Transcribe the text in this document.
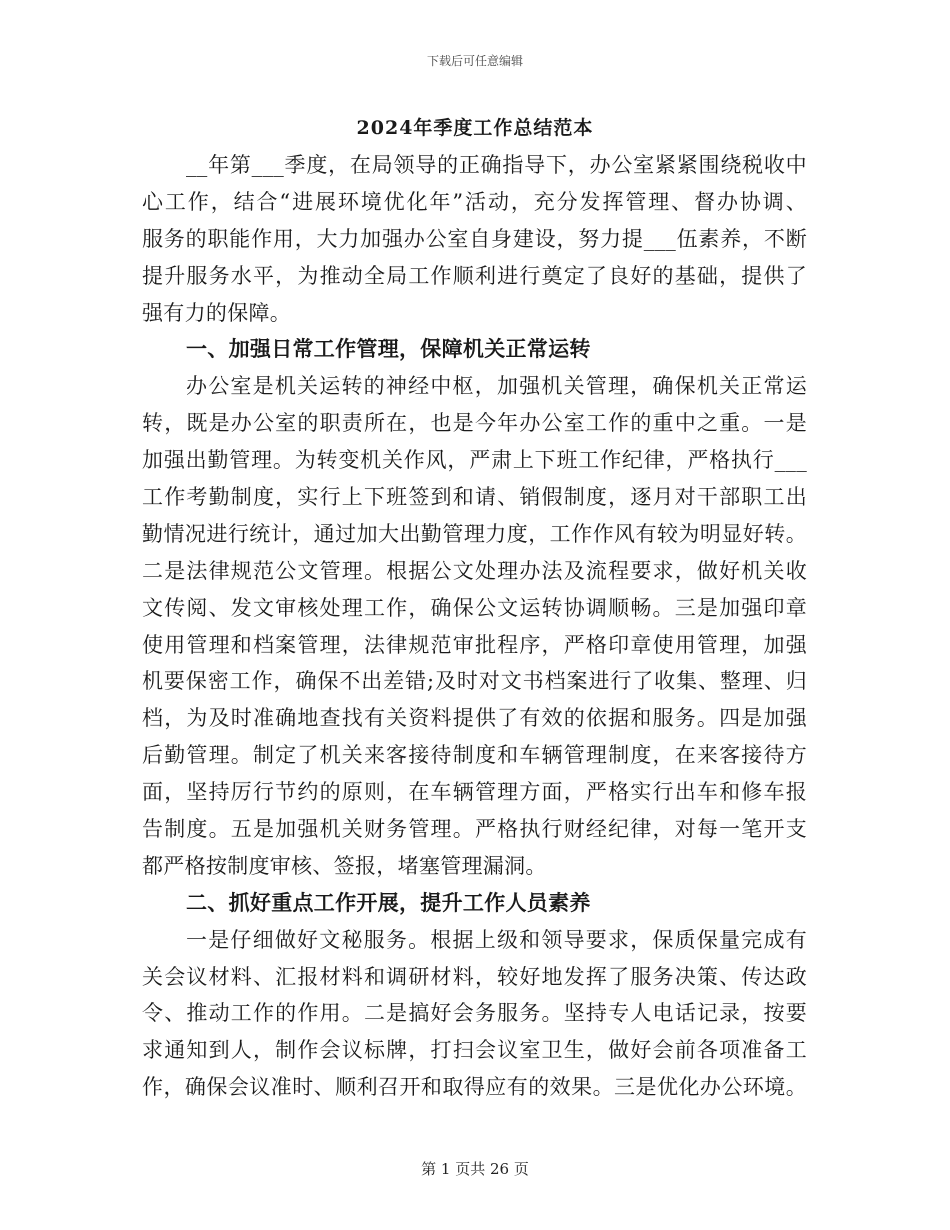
下载后可任意编辑
2024年季度工作总结范本
__年第___季度，在局领导的正确指导下，办公室紧紧围绕税收中
心工作，结合“进展环境优化年”活动，充分发挥管理、督办协调、
服务的职能作用，大力加强办公室自身建设，努力提___伍素养，不断
提升服务水平，为推动全局工作顺利进行奠定了良好的基础，提供了
强有力的保障。
一、加强日常工作管理，保障机关正常运转
办公室是机关运转的神经中枢，加强机关管理，确保机关正常运
转，既是办公室的职责所在，也是今年办公室工作的重中之重。一是
加强出勤管理。为转变机关作风，严肃上下班工作纪律，严格执行___
工作考勤制度，实行上下班签到和请、销假制度，逐月对干部职工出
勤情况进行统计，通过加大出勤管理力度，工作作风有较为明显好转。
二是法律规范公文管理。根据公文处理办法及流程要求，做好机关收
文传阅、发文审核处理工作，确保公文运转协调顺畅。三是加强印章
使用管理和档案管理，法律规范审批程序，严格印章使用管理，加强
机要保密工作，确保不出差错;及时对文书档案进行了收集、整理、归
档，为及时准确地查找有关资料提供了有效的依据和服务。四是加强
后勤管理。制定了机关来客接待制度和车辆管理制度，在来客接待方
面，坚持厉行节约的原则，在车辆管理方面，严格实行出车和修车报
告制度。五是加强机关财务管理。严格执行财经纪律，对每一笔开支
都严格按制度审核、签报，堵塞管理漏洞。
二、抓好重点工作开展，提升工作人员素养
一是仔细做好文秘服务。根据上级和领导要求，保质保量完成有
关会议材料、汇报材料和调研材料，较好地发挥了服务决策、传达政
令、推动工作的作用。二是搞好会务服务。坚持专人电话记录，按要
求通知到人，制作会议标牌，打扫会议室卫生，做好会前各项准备工
作，确保会议准时、顺利召开和取得应有的效果。三是优化办公环境。
第 1 页共 26 页
